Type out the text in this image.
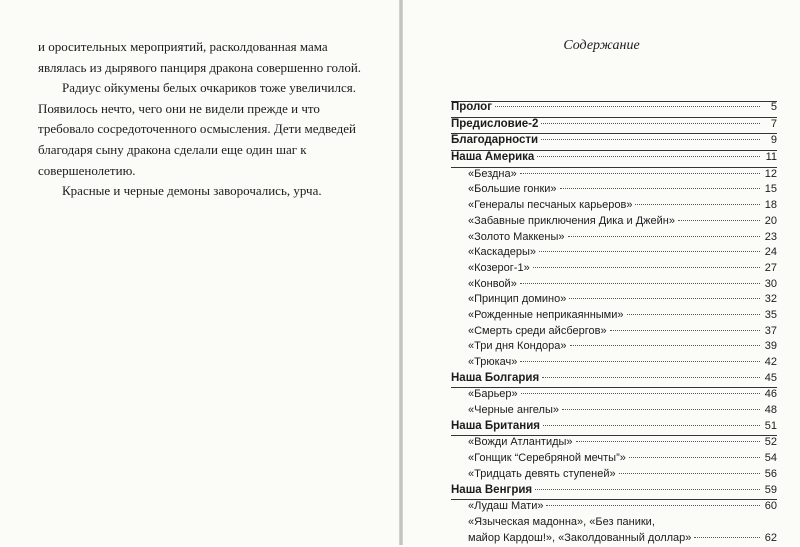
и оросительных мероприятий, расколдованная мама являлась из дырявого панциря дракона совершенно голой.

Радиус ойкумены белых очкариков тоже увеличился. Появилось нечто, чего они не видели прежде и что требовало сосредоточенного осмысления. Дети медведей благодаря сыну дракона сделали еще один шаг к совершенолетию.

Красные и черные демоны заворочались, урча.

Содержание
Пролог	5
Предисловие-2	7
Благодарности	9
Наша Америка	11
«Бездна»	12
«Большие гонки»	15
«Генералы песчаных карьеров»	18
«Забавные приключения Дика и Джейн»	20
«Золото Маккены»	23
«Каскадеры»	24
«Козерог-1»	27
«Конвой»	30
«Принцип домино»	32
«Рожденные неприкаянными»	35
«Смерть среди айсбергов»	37
«Три дня Кондора»	39
«Трюкач»	42
Наша Болгария	45
«Барьер»	46
«Черные ангелы»	48
Наша Британия	51
«Вожди Атлантиды»	52
«Гонщик “Серебряной мечты”»	54
«Тридцать девять ступеней»	56
Наша Венгрия	59
«Лудаш Мати»	60
«Языческая мадонна», «Без паники,
майор Кардош!», «Заколдованный доллар»	62
